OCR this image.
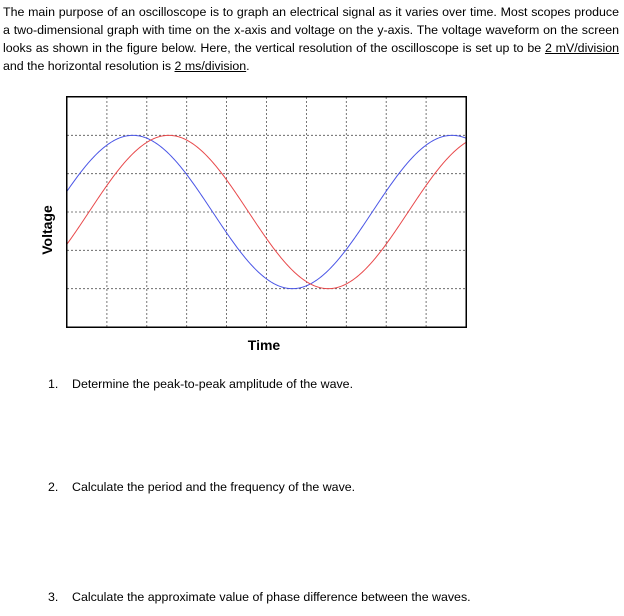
The main purpose of an oscilloscope is to graph an electrical signal as it varies over time. Most scopes produce a two-dimensional graph with time on the x-axis and voltage on the y-axis. The voltage waveform on the screen looks as shown in the figure below. Here, the vertical resolution of the oscilloscope is set up to be 2 mV/division and the horizontal resolution is 2 ms/division.

Voltage
Time
1. Determine the peak-to-peak amplitude of the wave.
2. Calculate the period and the frequency of the wave.
3. Calculate the approximate value of phase difference between the waves.
